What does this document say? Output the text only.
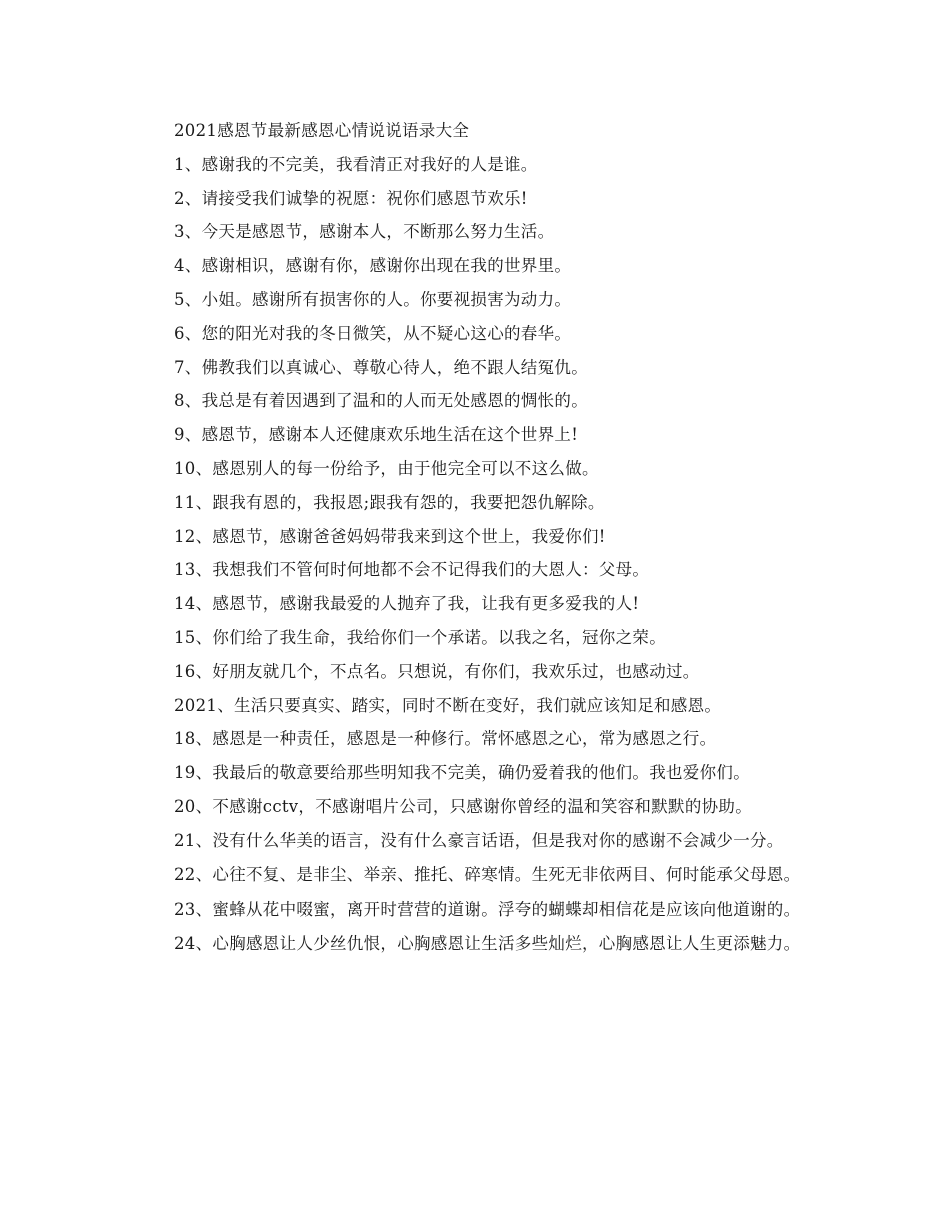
2021感恩节最新感恩心情说说语录大全

1、感谢我的不完美，我看清正对我好的人是谁。

2、请接受我们诚挚的祝愿：祝你们感恩节欢乐!

3、今天是感恩节，感谢本人，不断那么努力生活。

4、感谢相识，感谢有你，感谢你出现在我的世界里。

5、小姐。感谢所有损害你的人。你要视损害为动力。

6、您的阳光对我的冬日微笑，从不疑心这心的春华。

7、佛教我们以真诚心、尊敬心待人，绝不跟人结冤仇。

8、我总是有着因遇到了温和的人而无处感恩的惆怅的。

9、感恩节，感谢本人还健康欢乐地生活在这个世界上!

10、感恩别人的每一份给予，由于他完全可以不这么做。

11、跟我有恩的，我报恩;跟我有怨的，我要把怨仇解除。

12、感恩节，感谢爸爸妈妈带我来到这个世上，我爱你们!

13、我想我们不管何时何地都不会不记得我们的大恩人：父母。

14、感恩节，感谢我最爱的人抛弃了我，让我有更多爱我的人!

15、你们给了我生命，我给你们一个承诺。以我之名，冠你之荣。

16、好朋友就几个，不点名。只想说，有你们，我欢乐过，也感动过。

2021、生活只要真实、踏实，同时不断在变好，我们就应该知足和感恩。

18、感恩是一种责任，感恩是一种修行。常怀感恩之心，常为感恩之行。

19、我最后的敬意要给那些明知我不完美，确仍爱着我的他们。我也爱你们。

20、不感谢cctv，不感谢唱片公司，只感谢你曾经的温和笑容和默默的协助。

21、没有什么华美的语言，没有什么豪言话语，但是我对你的感谢不会减少一分。

22、心往不复、是非尘、举亲、推托、碎寒情。生死无非依两目、何时能承父母恩。

23、蜜蜂从花中啜蜜，离开时营营的道谢。浮夸的蝴蝶却相信花是应该向他道谢的。

24、心胸感恩让人少丝仇恨，心胸感恩让生活多些灿烂，心胸感恩让人生更添魅力。
